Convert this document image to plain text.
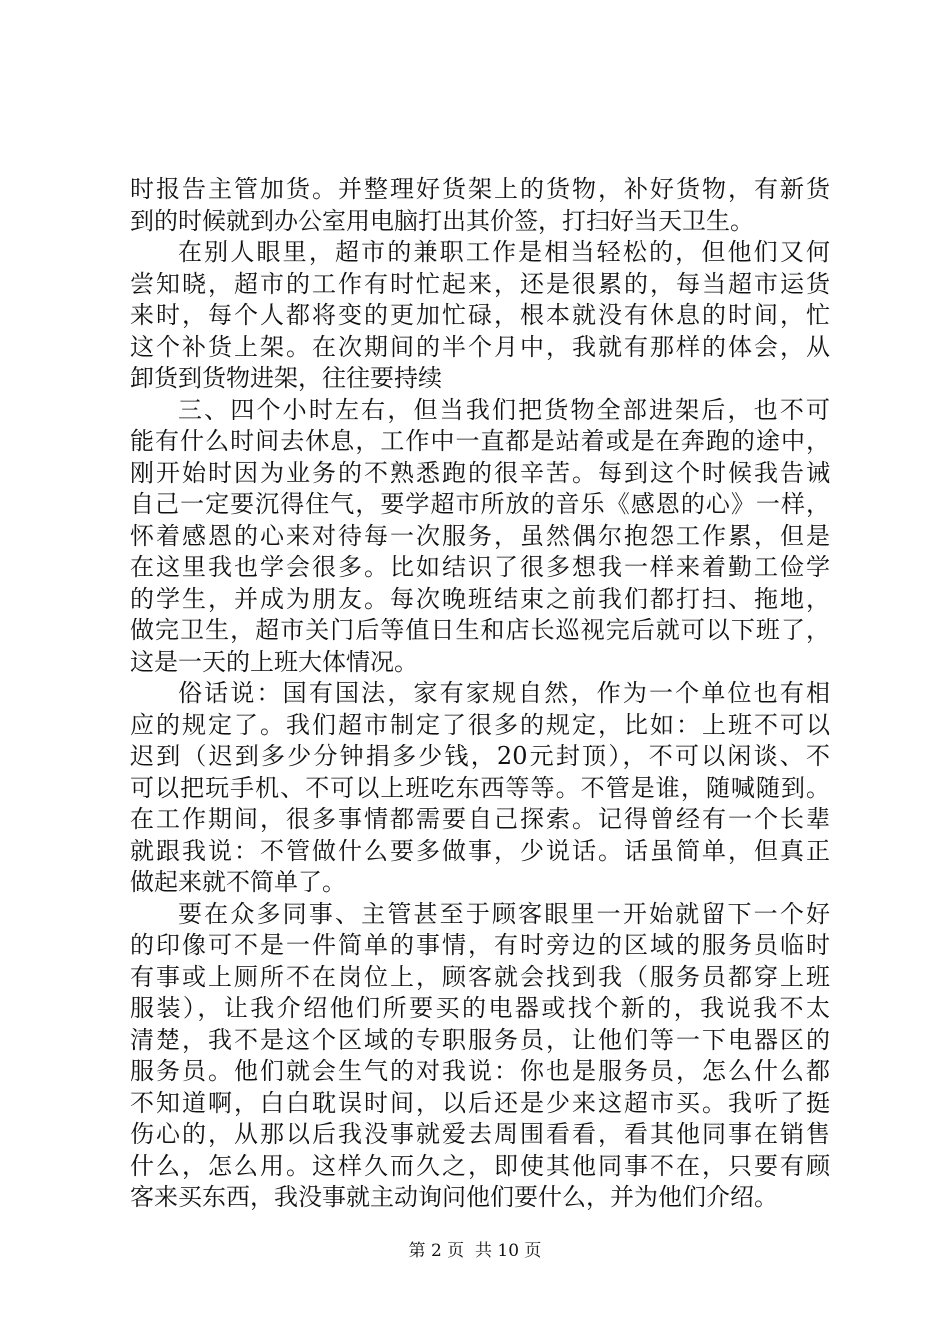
时报告主管加货。并整理好货架上的货物，补好货物，有新货
到的时候就到办公室用电脑打出其价签，打扫好当天卫生。
在别人眼里，超市的兼职工作是相当轻松的，但他们又何
尝知晓，超市的工作有时忙起来，还是很累的，每当超市运货
来时，每个人都将变的更加忙碌，根本就没有休息的时间，忙
这个补货上架。在次期间的半个月中，我就有那样的体会，从
卸货到货物进架，往往要持续
三、四个小时左右，但当我们把货物全部进架后，也不可
能有什么时间去休息，工作中一直都是站着或是在奔跑的途中，
刚开始时因为业务的不熟悉跑的很辛苦。每到这个时候我告诫
自己一定要沉得住气，要学超市所放的音乐《感恩的心》一样，
怀着感恩的心来对待每一次服务，虽然偶尔抱怨工作累，但是
在这里我也学会很多。比如结识了很多想我一样来着勤工俭学
的学生，并成为朋友。每次晚班结束之前我们都打扫、拖地，
做完卫生，超市关门后等值日生和店长巡视完后就可以下班了，
这是一天的上班大体情况。
俗话说：国有国法，家有家规自然，作为一个单位也有相
应的规定了。我们超市制定了很多的规定，比如：上班不可以
迟到（迟到多少分钟捐多少钱，20元封顶），不可以闲谈、不
可以把玩手机、不可以上班吃东西等等。不管是谁，随喊随到。
在工作期间，很多事情都需要自己探索。记得曾经有一个长辈
就跟我说：不管做什么要多做事，少说话。话虽简单，但真正
做起来就不简单了。
要在众多同事、主管甚至于顾客眼里一开始就留下一个好
的印像可不是一件简单的事情，有时旁边的区域的服务员临时
有事或上厕所不在岗位上，顾客就会找到我（服务员都穿上班
服装），让我介绍他们所要买的电器或找个新的，我说我不太
清楚，我不是这个区域的专职服务员，让他们等一下电器区的
服务员。他们就会生气的对我说：你也是服务员，怎么什么都
不知道啊，白白耽误时间，以后还是少来这超市买。我听了挺
伤心的，从那以后我没事就爱去周围看看，看其他同事在销售
什么，怎么用。这样久而久之，即使其他同事不在，只要有顾
客来买东西，我没事就主动询问他们要什么，并为他们介绍。
第 2 页 共 10 页
